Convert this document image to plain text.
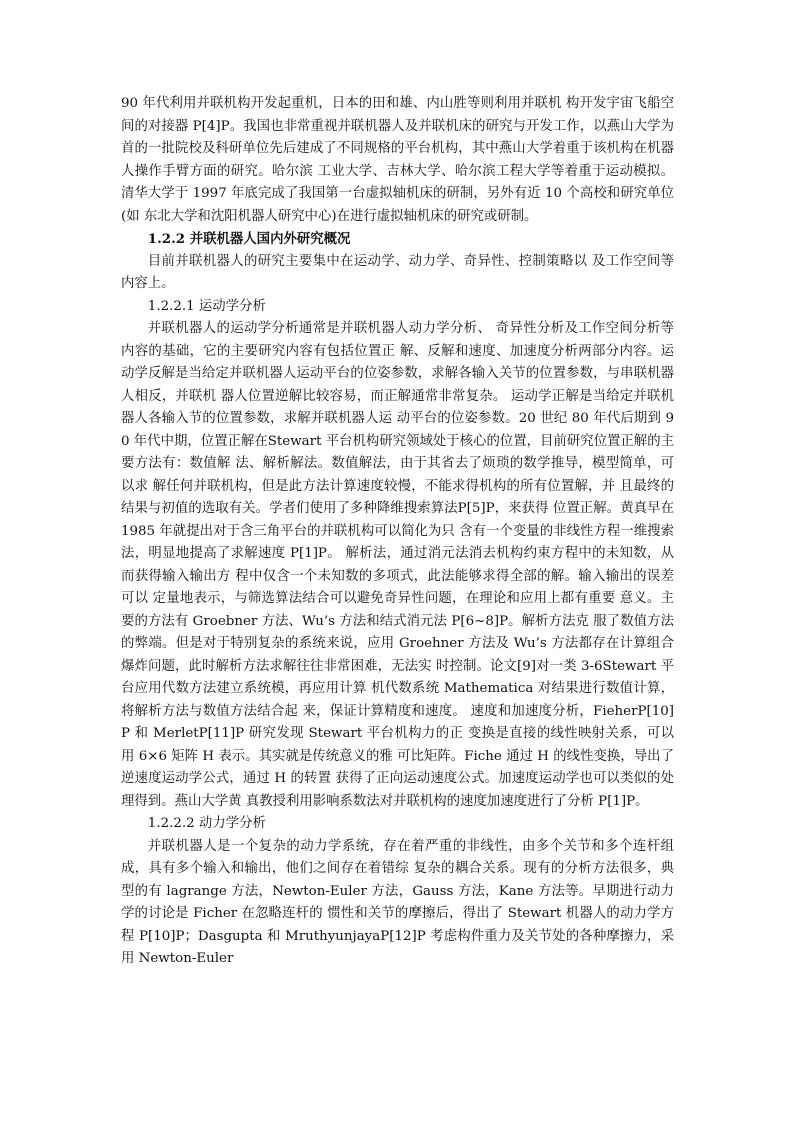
90 年代利用并联机构开发起重机，日本的田和雄、内山胜等则利用并联机 构开发宇宙飞船空间的对接器 P[4]P。我国也非常重视并联机器人及并联机床的研究与开发工作，以燕山大学为首的一批院校及科研单位先后建成了不同规格的平台机构，其中燕山大学着重于该机构在机器人操作手臂方面的研究。哈尔滨 工业大学、吉林大学、哈尔滨工程大学等着重于运动模拟。清华大学于 1997 年底完成了我国第一台虚拟轴机床的研制，另外有近 10 个高校和研究单位(如 东北大学和沈阳机器人研究中心)在进行虚拟轴机床的研究或研制。

1.2.2 并联机器人国内外研究概况

目前并联机器人的研究主要集中在运动学、动力学、奇异性、控制策略以 及工作空间等内容上。

1.2.2.1 运动学分析

并联机器人的运动学分析通常是并联机器人动力学分析、 奇异性分析及工作空间分析等内容的基础，它的主要研究内容有包括位置正 解、反解和速度、加速度分析两部分内容。运动学反解是当给定并联机器人运动平台的位姿参数，求解各输入关节的位置参数，与串联机器人相反，并联机 器人位置逆解比较容易，而正解通常非常复杂。 运动学正解是当给定并联机器人各输入节的位置参数，求解并联机器人运 动平台的位姿参数。20 世纪 80 年代后期到 90 年代中期，位置正解在Stewart 平台机构研究领域处于核心的位置，目前研究位置正解的主要方法有：数值解 法、解析解法。数值解法，由于其省去了烦琐的数学推导，模型简单，可以求 解任何并联机构，但是此方法计算速度较慢，不能求得机构的所有位置解，并 且最终的结果与初值的选取有关。学者们使用了多种降维搜索算法P[5]P，来获得 位置正解。黄真早在 1985 年就提出对于含三角平台的并联机构可以简化为只 含有一个变量的非线性方程一维搜索法，明显地提高了求解速度 P[1]P。 解析法，通过消元法消去机构约束方程中的未知数，从而获得输入输出方 程中仅含一个未知数的多项式，此法能够求得全部的解。输入输出的误差可以 定量地表示，与筛选算法结合可以避免奇异性问题，在理论和应用上都有重要 意义。主要的方法有 Groebner 方法、Wu’s 方法和结式消元法 P[6~8]P。解析方法克 服了数值方法的弊端。但是对于特别复杂的系统来说，应用 Groehner 方法及 Wu’s 方法都存在计算组合爆炸问题，此时解析方法求解往往非常困难，无法实 时控制。论文[9]对一类 3-6Stewart 平台应用代数方法建立系统模，再应用计算 机代数系统 Mathematica 对结果进行数值计算，将解析方法与数值方法结合起 来，保证计算精度和速度。 速度和加速度分析，FieherP[10]P 和 MerletP[11]P 研究发现 Stewart 平台机构力的正 变换是直接的线性映射关系，可以用 6×6 矩阵 H 表示。其实就是传统意义的雅 可比矩阵。Fiche 通过 H 的线性变换，导出了逆速度运动学公式，通过 H 的转置 获得了正向运动速度公式。加速度运动学也可以类似的处理得到。燕山大学黄 真教授利用影响系数法对并联机构的速度加速度进行了分析 P[1]P。

1.2.2.2 动力学分析

并联机器人是一个复杂的动力学系统，存在着严重的非线性，由多个关节和多个连杆组成，具有多个输入和输出，他们之间存在着错综 复杂的耦合关系。现有的分析方法很多，典型的有 lagrange 方法，Newton-Euler 方法，Gauss 方法，Kane 方法等。早期进行动力学的讨论是 Ficher 在忽略连杆的 惯性和关节的摩擦后，得出了 Stewart 机器人的动力学方程 P[10]P；Dasgupta 和 MruthyunjayaP[12]P 考虑构件重力及关节处的各种摩擦力，采用 Newton-Euler
